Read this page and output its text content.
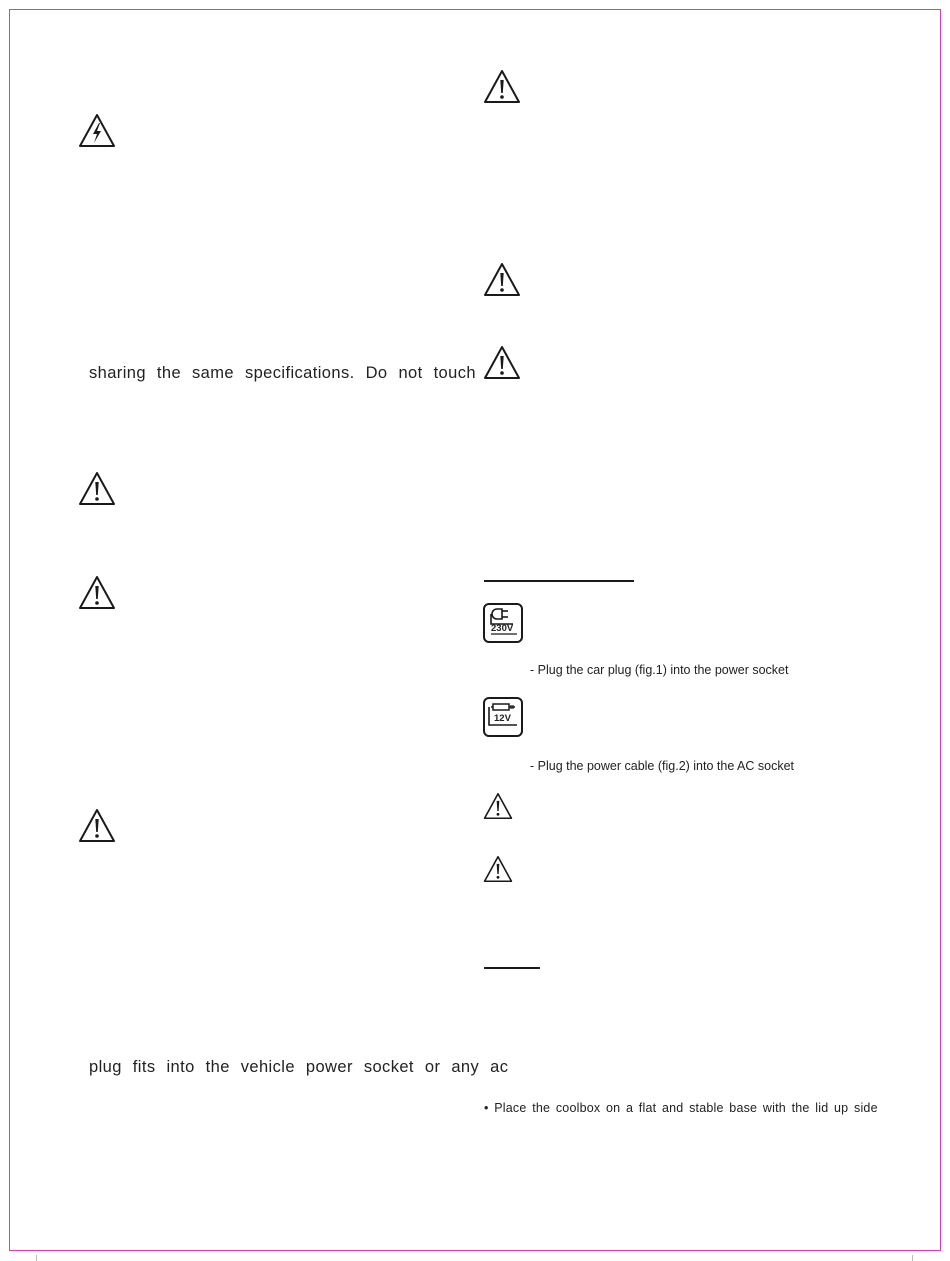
sharing the same specifications. Do not touch
plug fits into the vehicle power socket or any ac
230V
- Plug the car plug (fig.1) into the power socket
12V
- Plug the power cable (fig.2) into the AC socket
• Place the coolbox on a flat and stable base with the lid up side
